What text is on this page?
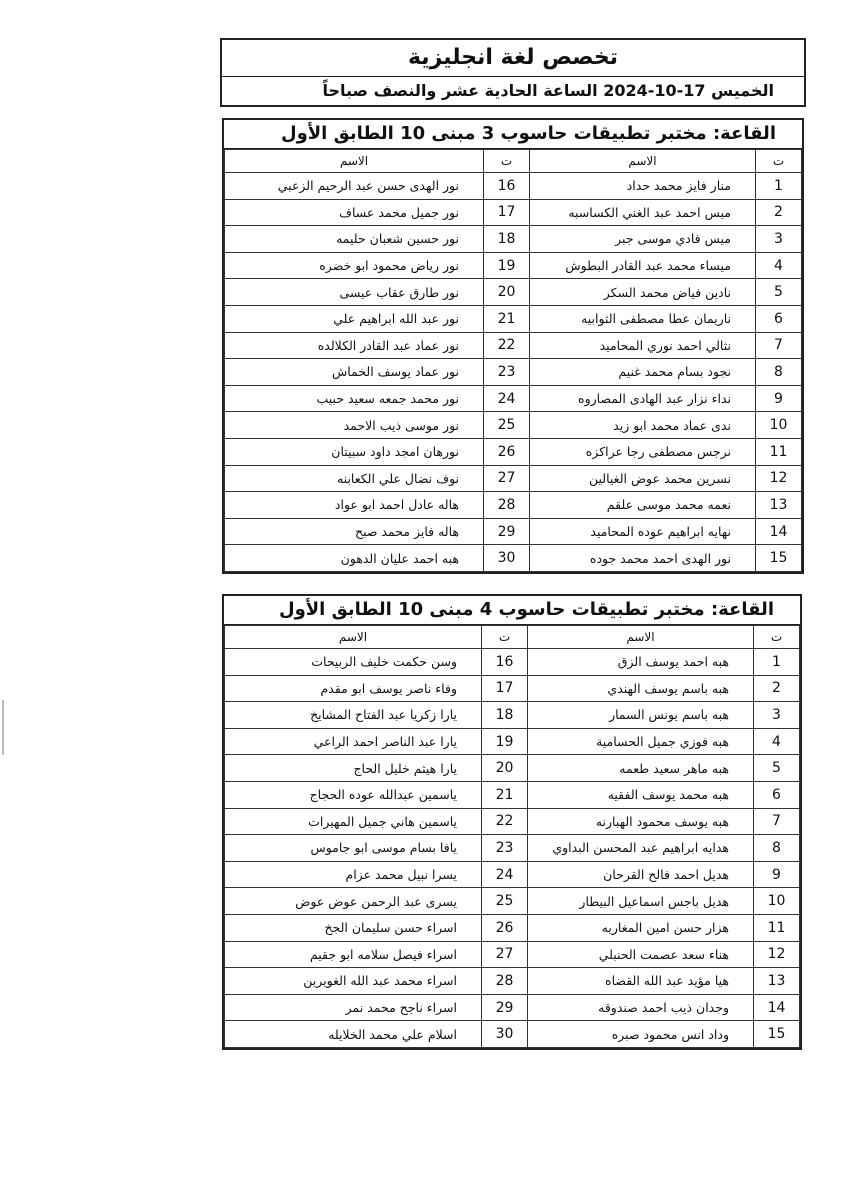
تخصص لغة انجليزية
الخميس 17-10-2024 الساعة الحادية عشر والنصف صباحاً
القاعة: مختبر تطبيقات حاسوب 3 مبنى 10 الطابق الأول
ت	الاسم	ت	الاسم
1	منار فايز محمد حداد	16	نور الهدى حسن عبد الرحيم الزعبي
2	ميس احمد عبد الغني الكساسبه	17	نور جميل محمد عساف
3	ميس فادي موسى جبر	18	نور حسين شعبان حليمه
4	ميساء محمد عبد القادر البطوش	19	نور رياض محمود ابو خضره
5	نادين فياض محمد السكر	20	نور طارق عقاب عيسى
6	ناريمان عطا مصطفى الثوابيه	21	نور عبد الله ابراهيم علي
7	نثالي احمد نوري المحاميد	22	نور عماد عبد القادر الكلالده
8	نجود بسام محمد غنيم	23	نور عماد يوسف الخماش
9	نداء نزار عبد الهادى المصاروه	24	نور محمد جمعه سعيد حبيب
10	ندى عماد محمد ابو زيد	25	نور موسى ذيب الاحمد
11	نرجس مصطفى رجا عراكزه	26	نورهان امجد داود سبيتان
12	نسرين محمد عوض الغيالين	27	نوف نضال علي الكعابنه
13	نعمه محمد موسى علقم	28	هاله عادل احمد ابو عواد
14	نهايه ابراهيم عوده المحاميد	29	هاله فايز محمد صبح
15	نور الهدى احمد محمد جوده	30	هبه احمد عليان الدهون
القاعة: مختبر تطبيقات حاسوب 4 مبنى 10 الطابق الأول
ت	الاسم	ت	الاسم
1	هبه احمد يوسف الزق	16	وسن حكمت خليف الربيحات
2	هبه باسم يوسف الهندي	17	وفاء ناصر يوسف ابو مقدم
3	هبه باسم يونس السمار	18	يارا زكريا عبد الفتاح المشايخ
4	هبه فوزي جميل الحسامية	19	يارا عبد الناصر احمد الراعي
5	هبه ماهر سعيد طعمه	20	يارا هيثم خليل الحاج
6	هبه محمد يوسف الفقيه	21	ياسمين عبدالله عوده الحجاج
7	هبه يوسف محمود الهبارنه	22	ياسمين هاني جميل المهيرات
8	هدايه ابراهيم عبد المحسن البداوي	23	يافا بسام موسى ابو جاموس
9	هديل احمد فالح القرحان	24	يسرا نبيل محمد عزام
10	هديل باجس اسماعيل البيطار	25	يسرى عبد الرحمن عوض عوض
11	هزار حسن امين المغاريه	26	اسراء حسن سليمان الجخ
12	هناء سعد عصمت الحنبلي	27	اسراء فيصل سلامه ابو جقيم
13	هيا مؤيد عبد الله القضاه	28	اسراء محمد عبد الله الغويرين
14	وجدان ذيب احمد صندوقه	29	اسراء ناجح محمد نمر
15	وداد انس محمود صبره	30	اسلام علي محمد الخلايله
